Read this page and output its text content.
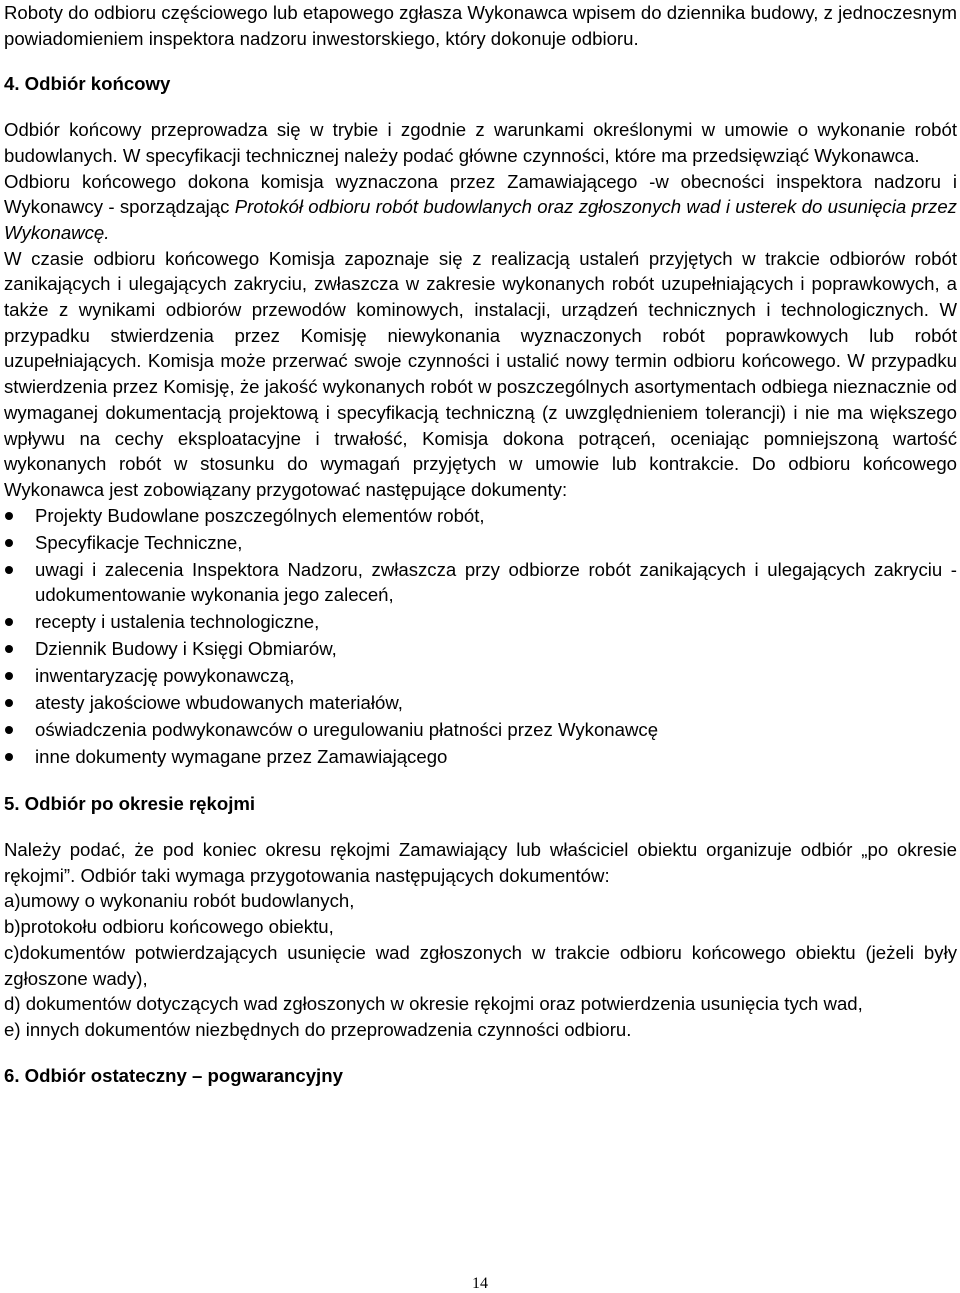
Roboty do odbioru częściowego lub etapowego zgłasza Wykonawca wpisem do dziennika budowy, z jednoczesnym powiadomieniem inspektora nadzoru inwestorskiego, który dokonuje odbioru.

4. Odbiór końcowy

Odbiór końcowy przeprowadza się w trybie i zgodnie z warunkami określonymi w umowie o wykonanie robót budowlanych. W specyfikacji technicznej należy podać główne czynności, które ma przedsięwziąć Wykonawca.

Odbioru końcowego dokona komisja wyznaczona przez Zamawiającego -w obecności inspektora nadzoru i Wykonawcy - sporządzając Protokół odbioru robót budowlanych oraz zgłoszonych wad i usterek do usunięcia przez Wykonawcę.

W czasie odbioru końcowego Komisja zapoznaje się z realizacją ustaleń przyjętych w trakcie odbiorów robót zanikających i ulegających zakryciu, zwłaszcza w zakresie wykonanych robót uzupełniających i poprawkowych, a także z wynikami odbiorów przewodów kominowych, instalacji, urządzeń technicznych i technologicznych. W przypadku stwierdzenia przez Komisję niewykonania wyznaczonych robót poprawkowych lub robót uzupełniających. Komisja może przerwać swoje czynności i ustalić nowy termin odbioru końcowego. W przypadku stwierdzenia przez Komisję, że jakość wykonanych robót w poszczególnych asortymentach odbiega nieznacznie od wymaganej dokumentacją projektową i specyfikacją techniczną (z uwzględnieniem tolerancji) i nie ma większego wpływu na cechy eksploatacyjne i trwałość, Komisja dokona potrąceń, oceniając pomniejszoną wartość wykonanych robót w stosunku do wymagań przyjętych w umowie lub kontrakcie. Do odbioru końcowego Wykonawca jest zobowiązany przygotować następujące dokumenty:

Projekty Budowlane poszczególnych elementów robót,
Specyfikacje Techniczne,
uwagi i zalecenia Inspektora Nadzoru, zwłaszcza przy odbiorze robót zanikających i ulegających zakryciu - udokumentowanie wykonania jego zaleceń,
recepty i ustalenia technologiczne,
Dziennik Budowy i Księgi Obmiarów,
inwentaryzację powykonawczą,
atesty jakościowe wbudowanych materiałów,
oświadczenia podwykonawców o uregulowaniu płatności przez Wykonawcę
inne dokumenty wymagane przez Zamawiającego
5. Odbiór po okresie rękojmi

Należy podać, że pod koniec okresu rękojmi Zamawiający lub właściciel obiektu organizuje odbiór „po okresie rękojmi”. Odbiór taki wymaga przygotowania następujących dokumentów:

a)umowy o wykonaniu robót budowlanych,

b)protokołu odbioru końcowego obiektu,

c)dokumentów potwierdzających usunięcie wad zgłoszonych w trakcie odbioru końcowego obiektu (jeżeli były zgłoszone wady),

d) dokumentów dotyczących wad zgłoszonych w okresie rękojmi oraz potwierdzenia usunięcia tych wad,

e) innych dokumentów niezbędnych do przeprowadzenia czynności odbioru.

6. Odbiór ostateczny – pogwarancyjny
14
